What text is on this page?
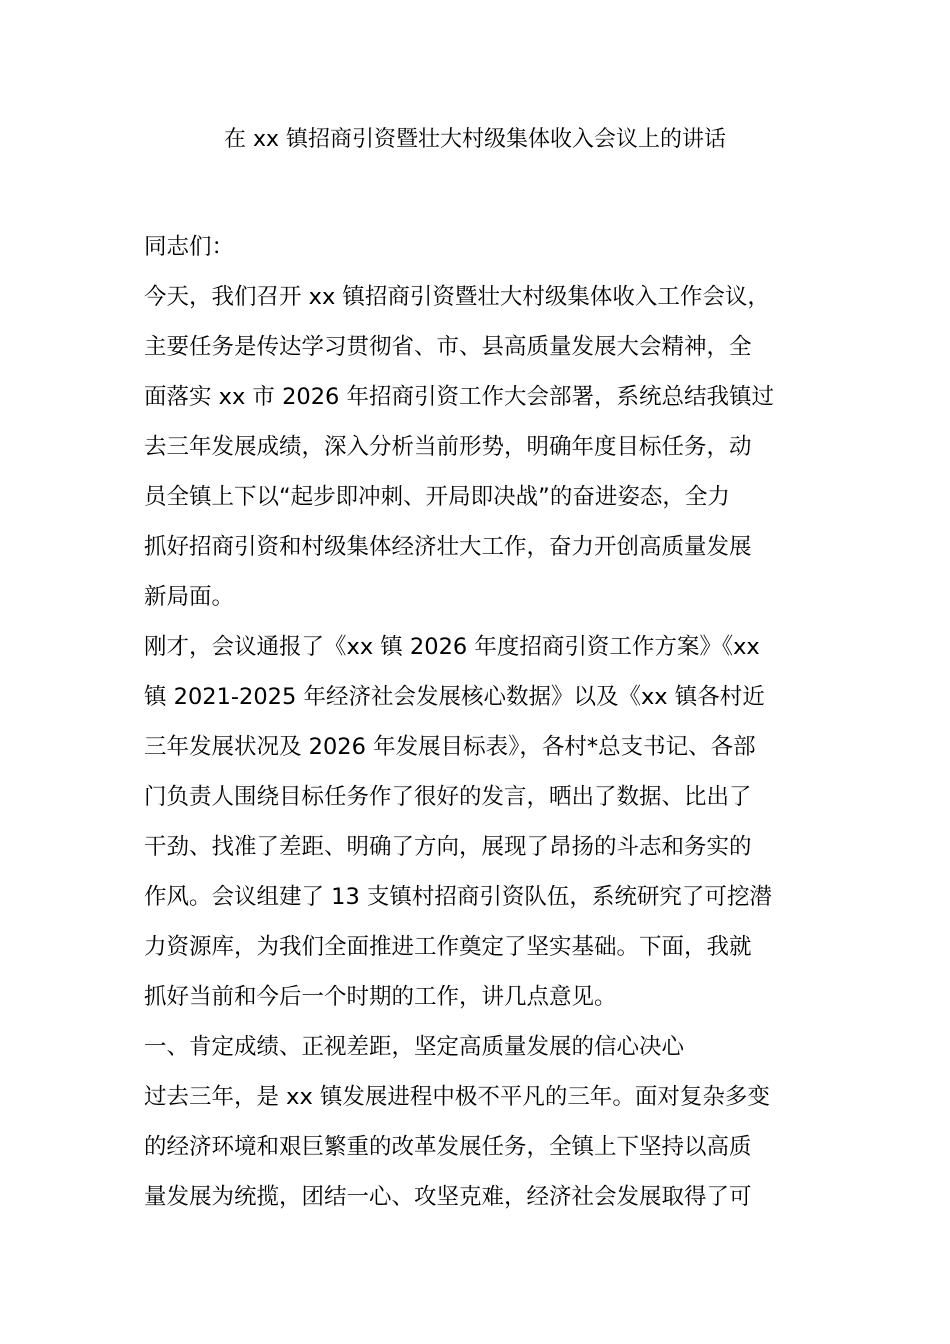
在 xx 镇招商引资暨壮大村级集体收入会议上的讲话
同志们：
今天，我们召开 xx 镇招商引资暨壮大村级集体收入工作会议，
主要任务是传达学习贯彻省、市、县高质量发展大会精神，全
面落实 xx 市 2026 年招商引资工作大会部署，系统总结我镇过
去三年发展成绩，深入分析当前形势，明确年度目标任务，动
员全镇上下以“起步即冲刺、开局即决战”的奋进姿态，全力
抓好招商引资和村级集体经济壮大工作，奋力开创高质量发展
新局面。
刚才，会议通报了《xx 镇 2026 年度招商引资工作方案》《xx
镇 2021-2025 年经济社会发展核心数据》以及《xx 镇各村近
三年发展状况及 2026 年发展目标表》，各村*总支书记、各部
门负责人围绕目标任务作了很好的发言，晒出了数据、比出了
干劲、找准了差距、明确了方向，展现了昂扬的斗志和务实的
作风。会议组建了 13 支镇村招商引资队伍，系统研究了可挖潜
力资源库，为我们全面推进工作奠定了坚实基础。下面，我就
抓好当前和今后一个时期的工作，讲几点意见。
一、肯定成绩、正视差距，坚定高质量发展的信心决心
过去三年，是 xx 镇发展进程中极不平凡的三年。面对复杂多变
的经济环境和艰巨繁重的改革发展任务，全镇上下坚持以高质
量发展为统揽，团结一心、攻坚克难，经济社会发展取得了可
